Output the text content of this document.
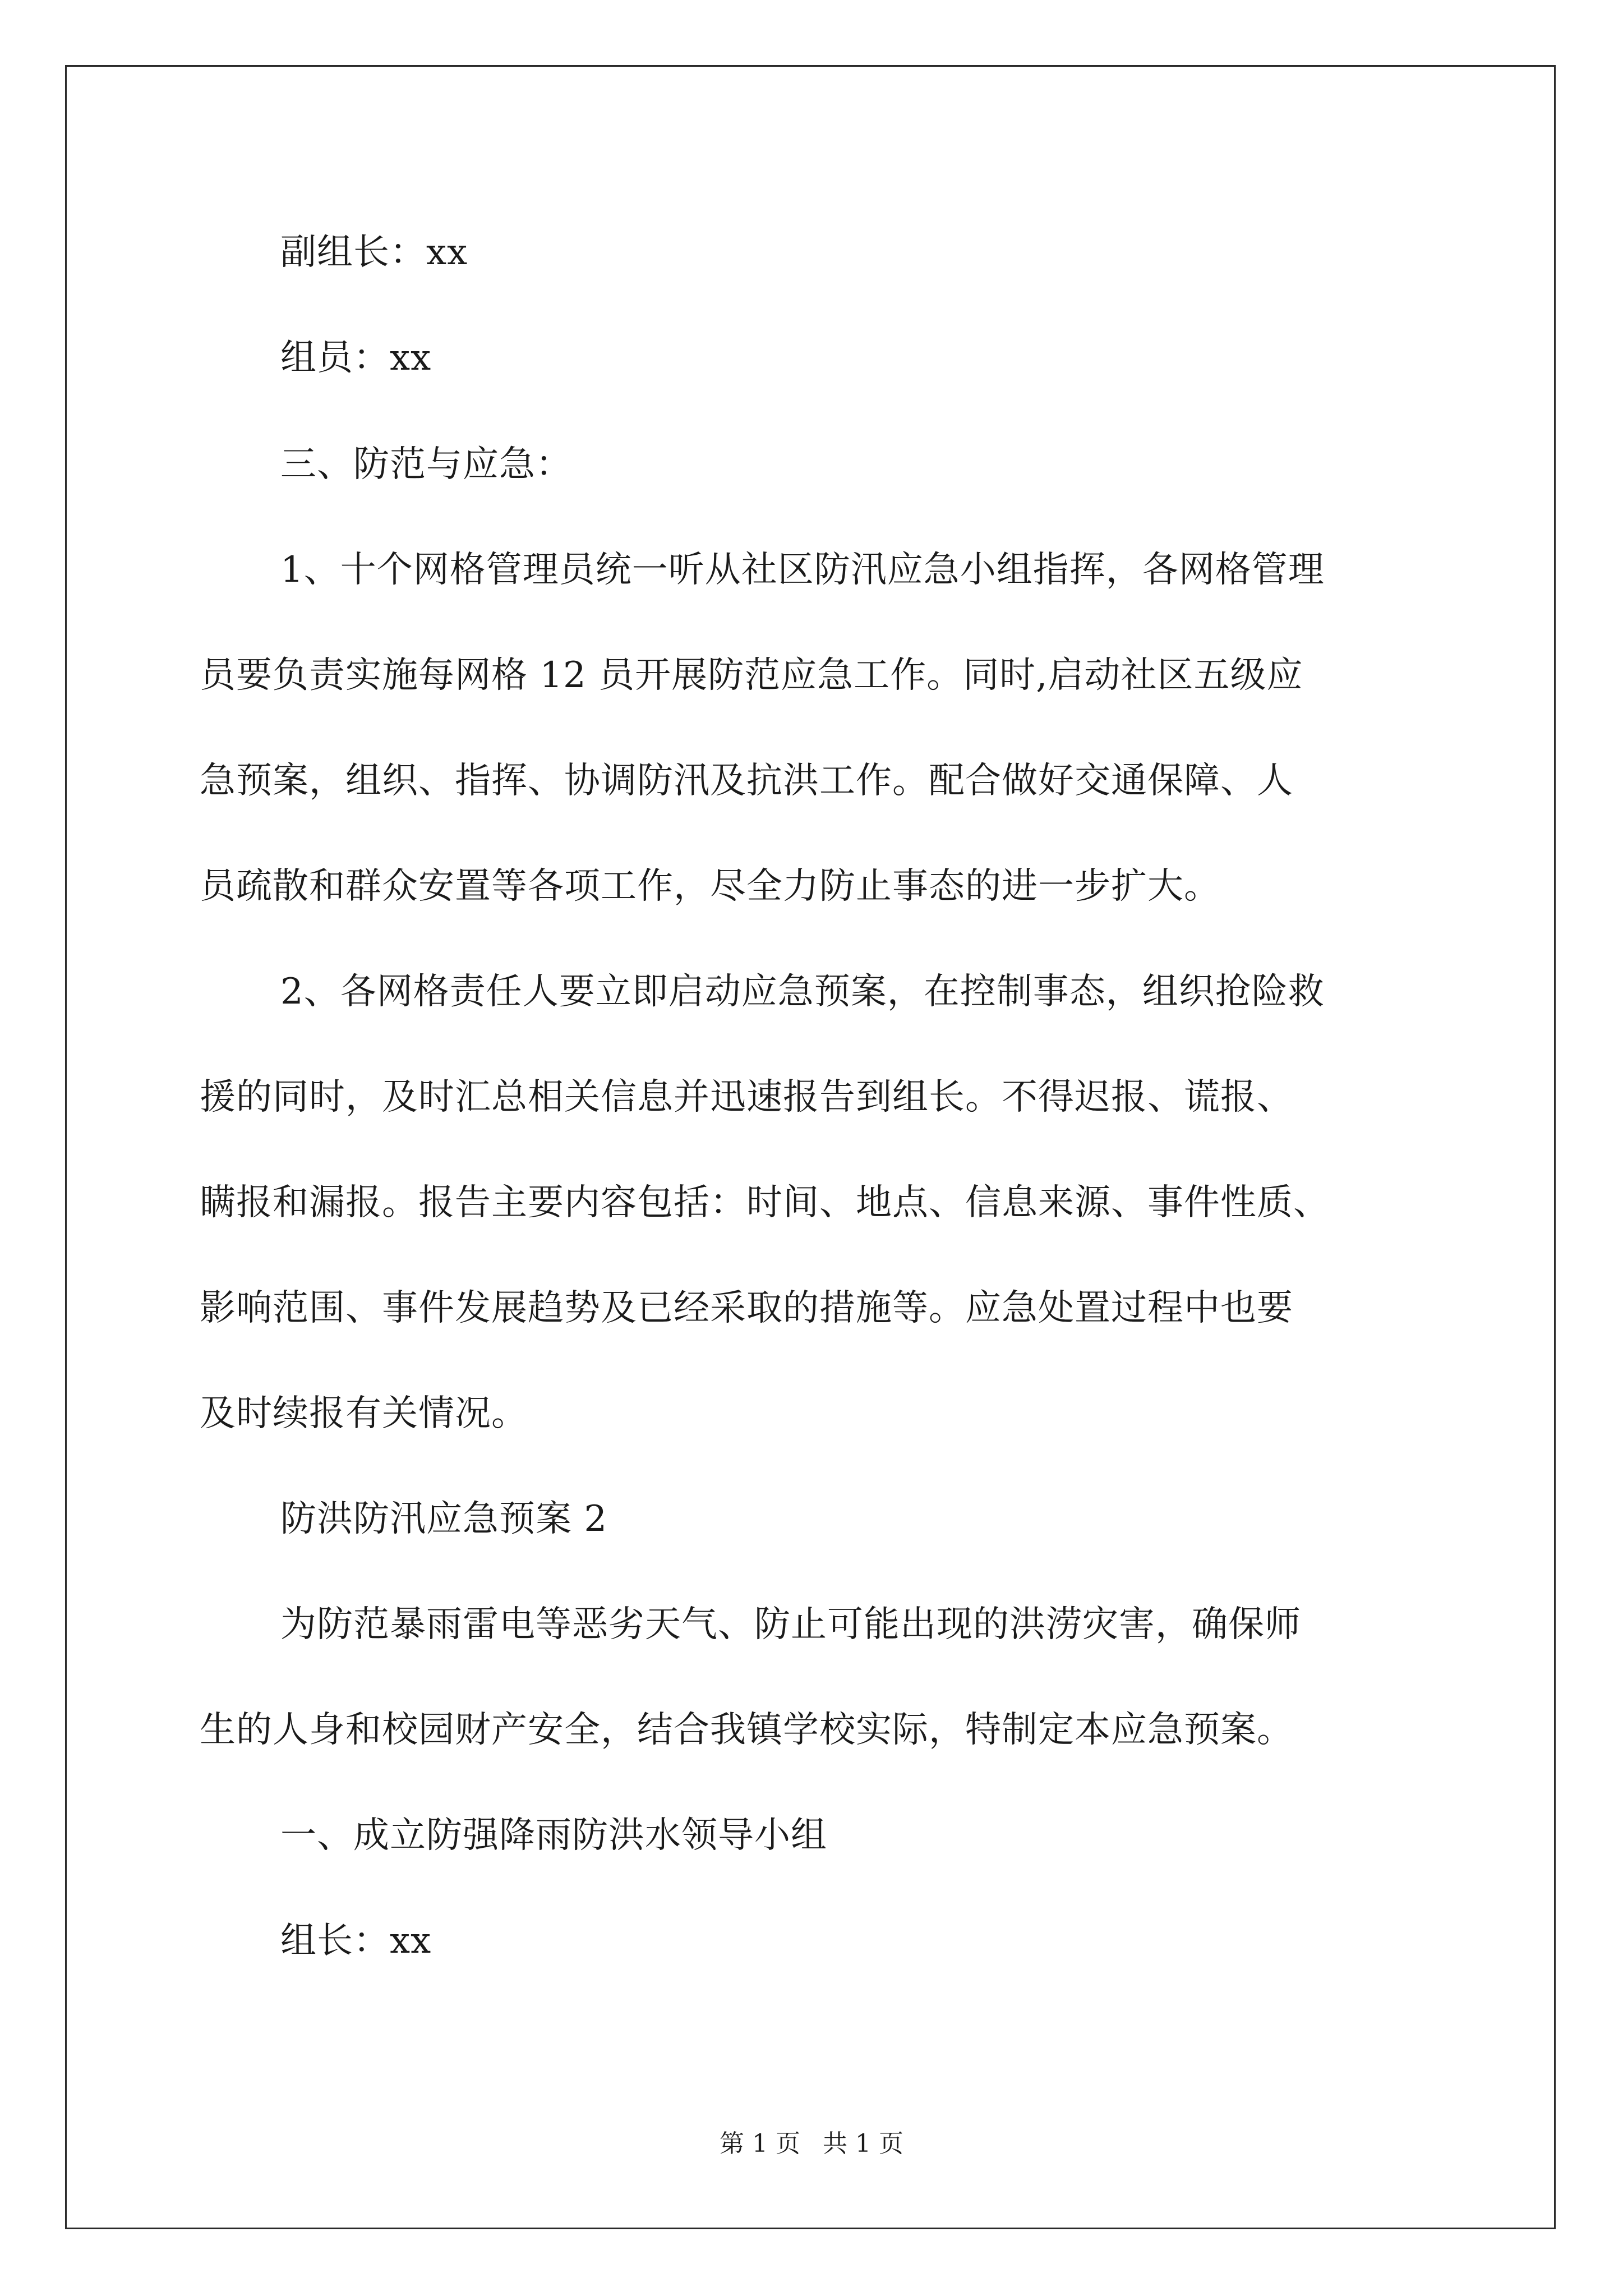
副组长：xx
组员：xx
三、防范与应急：
1、十个网格管理员统一听从社区防汛应急小组指挥，各网格管理
员要负责实施每网格 12 员开展防范应急工作。同时,启动社区五级应
急预案，组织、指挥、协调防汛及抗洪工作。配合做好交通保障、人
员疏散和群众安置等各项工作，尽全力防止事态的进一步扩大。
2、各网格责任人要立即启动应急预案，在控制事态，组织抢险救
援的同时，及时汇总相关信息并迅速报告到组长。不得迟报、谎报、
瞒报和漏报。报告主要内容包括：时间、地点、信息来源、事件性质、
影响范围、事件发展趋势及已经采取的措施等。应急处置过程中也要
及时续报有关情况。
防洪防汛应急预案 2
为防范暴雨雷电等恶劣天气、防止可能出现的洪涝灾害，确保师
生的人身和校园财产安全，结合我镇学校实际，特制定本应急预案。
一、成立防强降雨防洪水领导小组
组长：xx
第 1 页 共 1 页
